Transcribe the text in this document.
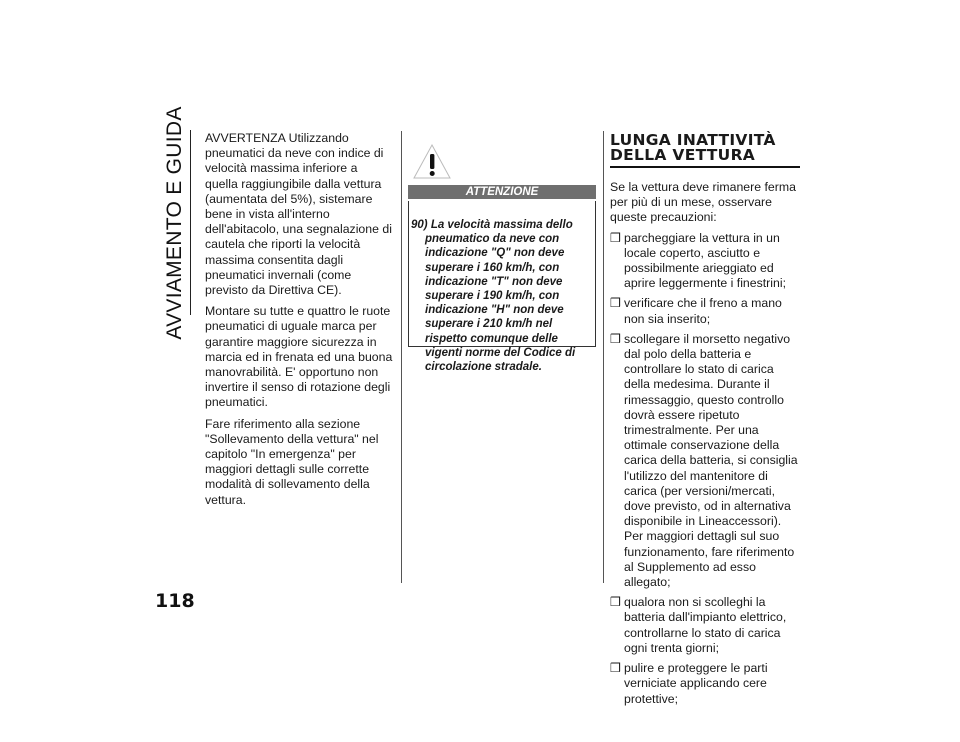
AVVIAMENTO E GUIDA
118

AVVERTENZA Utilizzando pneumatici da neve con indice di velocità massima inferiore a quella raggiungibile dalla vettura (aumentata del 5%), sistemare bene in vista all'interno dell'abitacolo, una segnalazione di cautela che riporti la velocità massima consentita dagli pneumatici invernali (come previsto da Direttiva CE).

Montare su tutte e quattro le ruote pneumatici di uguale marca per garantire maggiore sicurezza in marcia ed in frenata ed una buona manovrabilità. E' opportuno non invertire il senso di rotazione degli pneumatici.

Fare riferimento alla sezione "Sollevamento della vettura" nel capitolo "In emergenza" per maggiori dettagli sulle corrette modalità di sollevamento della vettura.

ATTENZIONE

90) La velocità massima dello pneumatico da neve con indicazione "Q" non deve superare i 160 km/h, con indicazione "T" non deve superare i 190 km/h, con indicazione "H" non deve superare i 210 km/h nel rispetto comunque delle vigenti norme del Codice di circolazione stradale.

LUNGA INATTIVITÀ DELLA VETTURA

Se la vettura deve rimanere ferma per più di un mese, osservare queste precauzioni:

❒ parcheggiare la vettura in un locale coperto, asciutto e possibilmente arieggiato ed aprire leggermente i finestrini;
❒ verificare che il freno a mano non sia inserito;
❒ scollegare il morsetto negativo dal polo della batteria e controllare lo stato di carica della medesima. Durante il rimessaggio, questo controllo dovrà essere ripetuto trimestralmente. Per una ottimale conservazione della carica della batteria, si consiglia l'utilizzo del mantenitore di carica (per versioni/mercati, dove previsto, od in alternativa disponibile in Lineaccessori). Per maggiori dettagli sul suo funzionamento, fare riferimento al Supplemento ad esso allegato;
❒ qualora non si scolleghi la batteria dall'impianto elettrico, controllarne lo stato di carica ogni trenta giorni;
❒ pulire e proteggere le parti verniciate applicando cere protettive;
